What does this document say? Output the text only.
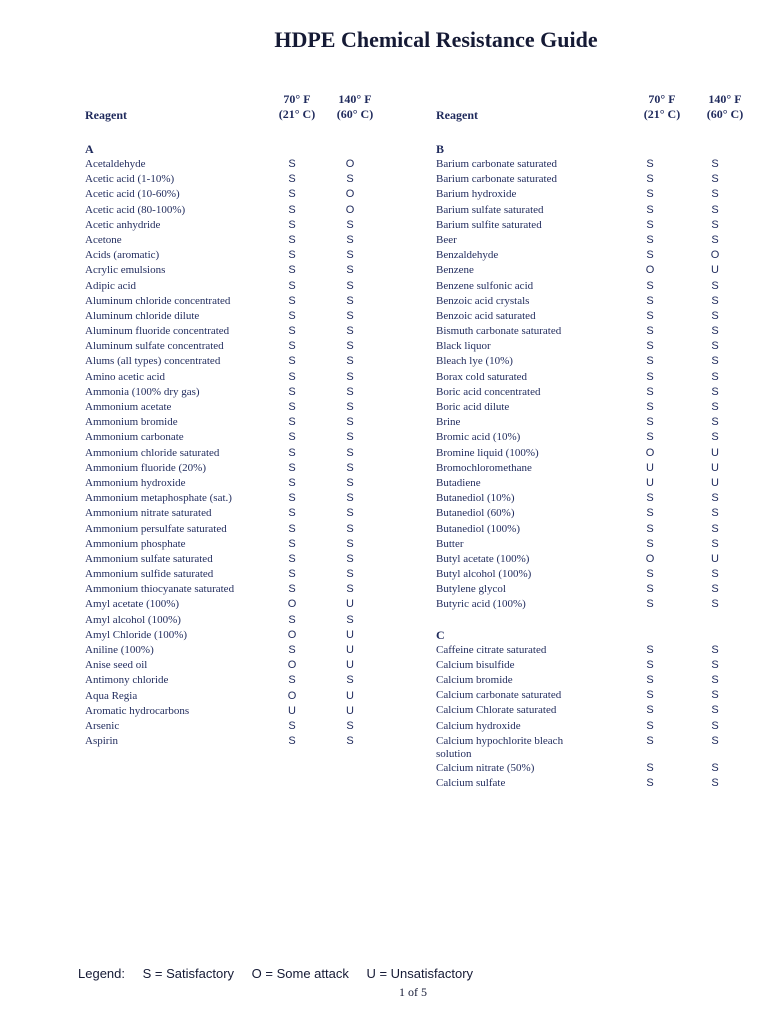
HDPE Chemical Resistance Guide
Reagent
70° F
(21° C)
140° F
(60° C)
A
Acetaldehyde	S	O
Acetic acid (1-10%)	S	S
Acetic acid (10-60%)	S	O
Acetic acid (80-100%)	S	O
Acetic anhydride	S	S
Acetone	S	S
Acids (aromatic)	S	S
Acrylic emulsions	S	S
Adipic acid	S	S
Aluminum chloride concentrated	S	S
Aluminum chloride dilute	S	S
Aluminum fluoride concentrated	S	S
Aluminum sulfate concentrated	S	S
Alums (all types) concentrated	S	S
Amino acetic acid	S	S
Ammonia (100% dry gas)	S	S
Ammonium acetate	S	S
Ammonium bromide	S	S
Ammonium carbonate	S	S
Ammonium chloride saturated	S	S
Ammonium fluoride (20%)	S	S
Ammonium hydroxide	S	S
Ammonium metaphosphate (sat.)	S	S
Ammonium nitrate saturated	S	S
Ammonium persulfate saturated	S	S
Ammonium phosphate	S	S
Ammonium sulfate saturated	S	S
Ammonium sulfide saturated	S	S
Ammonium thiocyanate saturated	S	S
Amyl acetate (100%)	O	U
Amyl alcohol (100%)	S	S
Amyl Chloride (100%)	O	U
Aniline (100%)	S	U
Anise seed oil	O	U
Antimony chloride	S	S
Aqua Regia	O	U
Aromatic hydrocarbons	U	U
Arsenic	S	S
Aspirin	S	S
Reagent
70° F
(21° C)
140° F
(60° C)
B
Barium carbonate saturated	S	S
Barium carbonate saturated	S	S
Barium hydroxide	S	S
Barium sulfate saturated	S	S
Barium sulfite saturated	S	S
Beer	S	S
Benzaldehyde	S	O
Benzene	O	U
Benzene sulfonic acid	S	S
Benzoic acid crystals	S	S
Benzoic acid saturated	S	S
Bismuth carbonate saturated	S	S
Black liquor	S	S
Bleach lye (10%)	S	S
Borax cold saturated	S	S
Boric acid concentrated	S	S
Boric acid dilute	S	S
Brine	S	S
Bromic acid (10%)	S	S
Bromine liquid (100%)	O	U
Bromochloromethane	U	U
Butadiene	U	U
Butanediol (10%)	S	S
Butanediol (60%)	S	S
Butanediol (100%)	S	S
Butter	S	S
Butyl acetate (100%)	O	U
Butyl alcohol (100%)	S	S
Butylene glycol	S	S
Butyric acid (100%)	S	S
C
Caffeine citrate saturated	S	S
Calcium bisulfide	S	S
Calcium bromide	S	S
Calcium carbonate saturated	S	S
Calcium Chlorate saturated	S	S
Calcium hydroxide	S	S
Calcium hypochlorite bleach solution
S	S
Calcium nitrate (50%)	S	S
Calcium sulfate	S	S
Legend: S = Satisfactory O = Some attack U = Unsatisfactory
1 of 5
